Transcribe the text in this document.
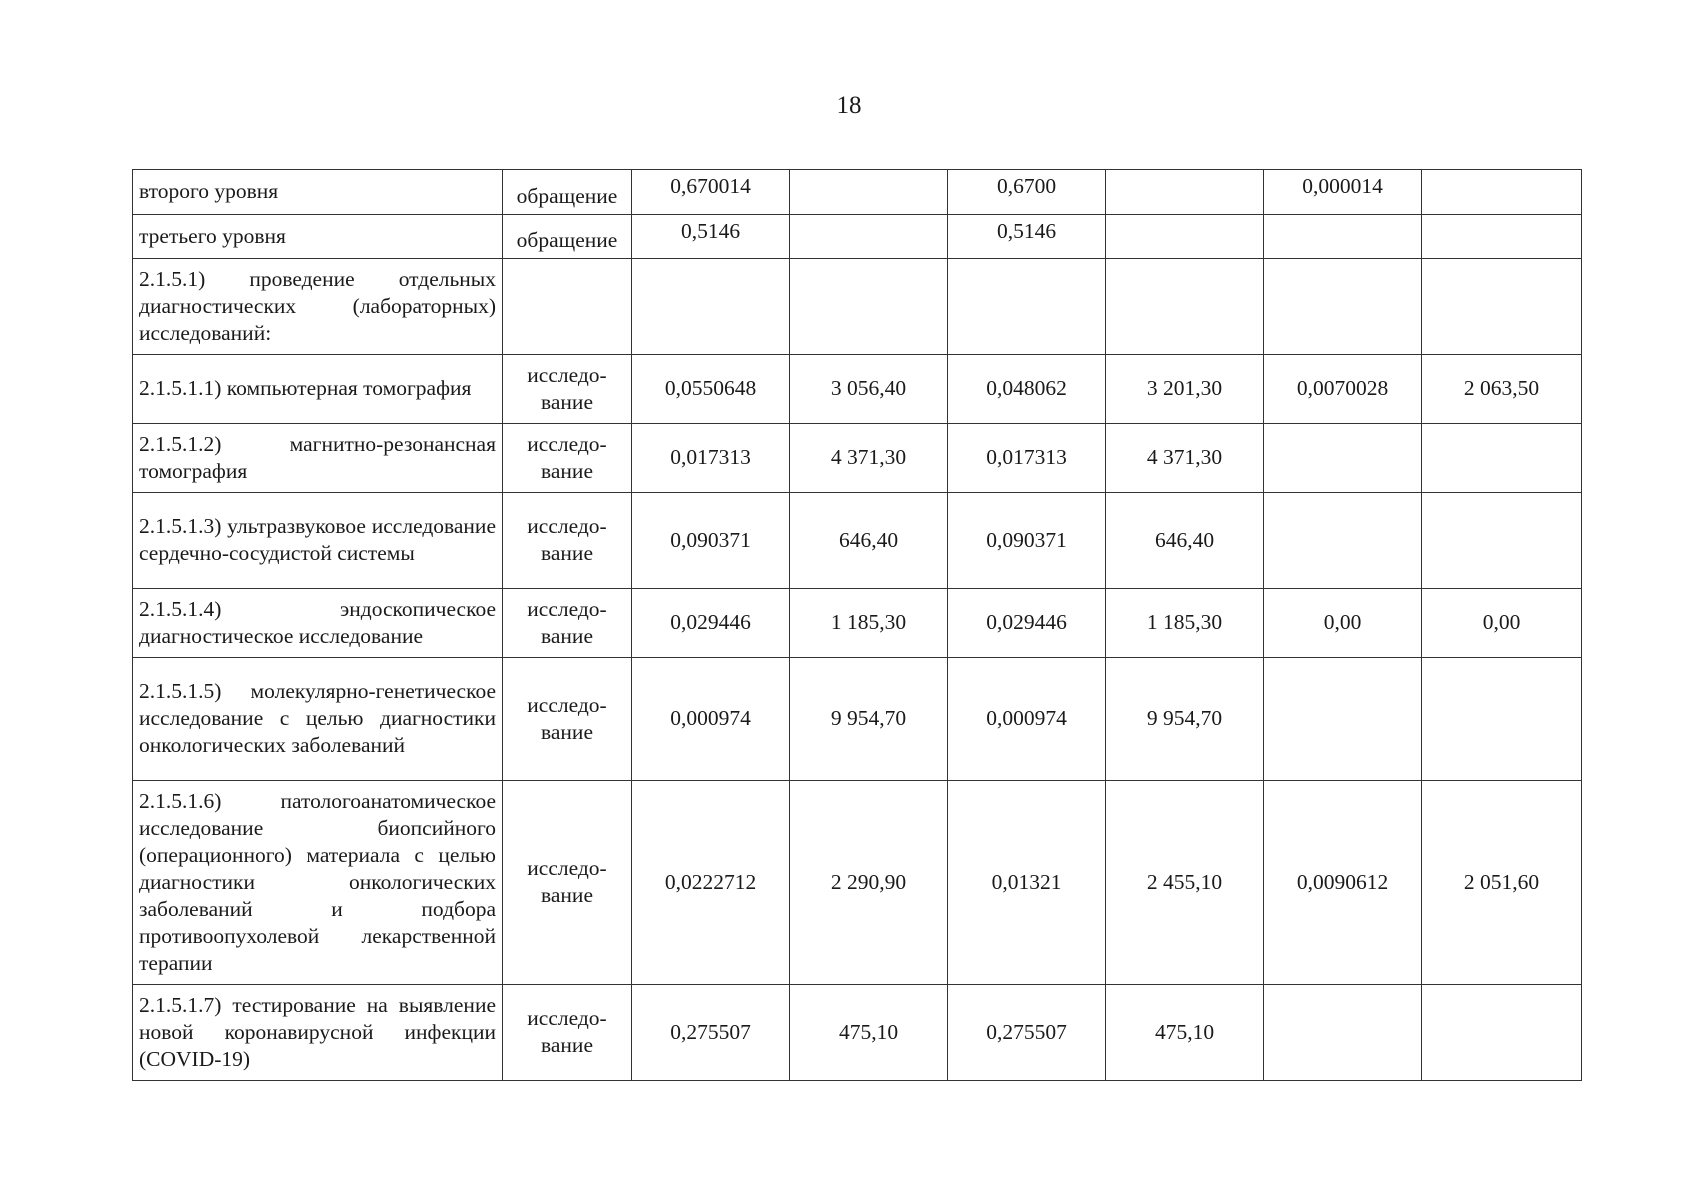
18
второго уровня	обращение	0,670014		0,6700		0,000014	
третьего уровня	обращение	0,5146		0,5146			
2.1.5.1) проведение отдельных диагностических (лабораторных) исследований:							
2.1.5.1.1) компьютерная томография	исследо-вание	0,0550648	3 056,40	0,048062	3 201,30	0,0070028	2 063,50
2.1.5.1.2) магнитно-резонансная томография	исследо-вание	0,017313	4 371,30	0,017313	4 371,30		
2.1.5.1.3) ультразвуковое исследование сердечно-сосудистой системы	исследо-вание	0,090371	646,40	0,090371	646,40		
2.1.5.1.4) эндоскопическое диагностическое исследование	исследо-вание	0,029446	1 185,30	0,029446	1 185,30	0,00	0,00
2.1.5.1.5) молекулярно-генетическое исследование с целью диагностики онкологических заболеваний	исследо-вание	0,000974	9 954,70	0,000974	9 954,70		
2.1.5.1.6) патологоанатомическое исследование биопсийного (операционного) материала с целью диагностики онкологических заболеваний и подбора противоопухолевой лекарственной терапии	исследо-вание	0,0222712	2 290,90	0,01321	2 455,10	0,0090612	2 051,60
2.1.5.1.7) тестирование на выявление новой коронавирусной инфекции (COVID-19)	исследо-вание	0,275507	475,10	0,275507	475,10		
